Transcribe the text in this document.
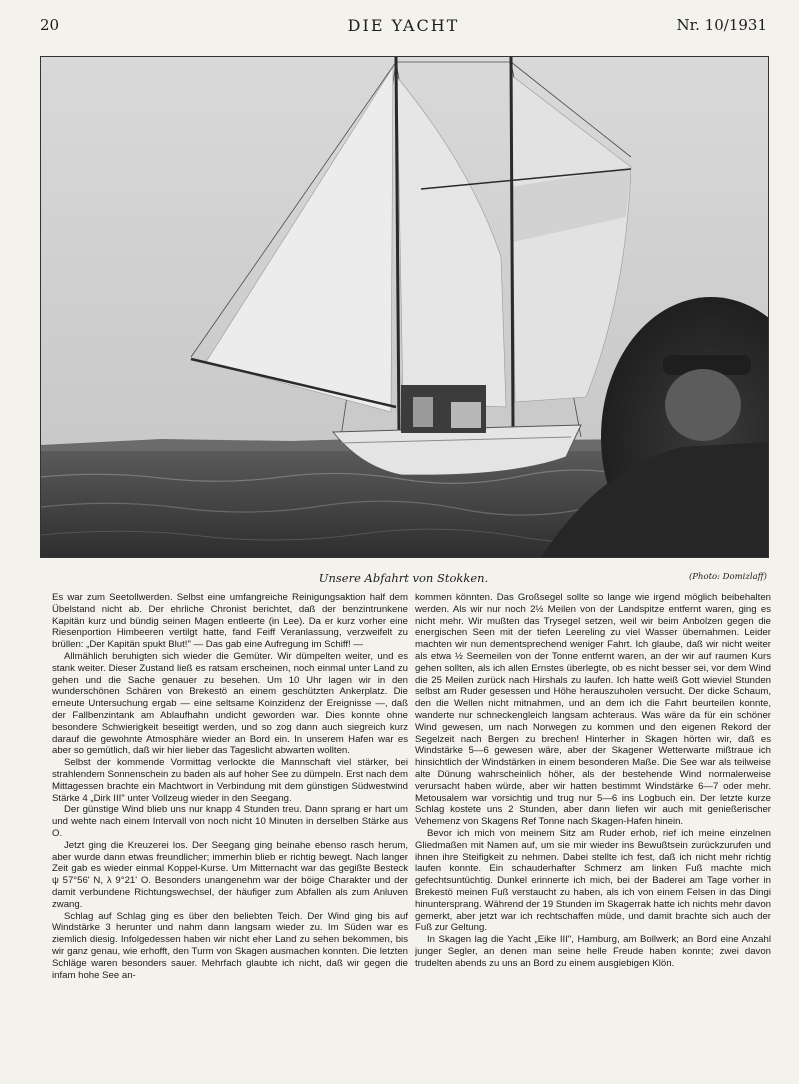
20	DIE YACHT	Nr. 10/1931
Unsere Abfahrt von Stokken.	(Photo: Domizlaff)

Es war zum Seetollwerden. Selbst eine umfangreiche Reinigungsaktion half dem Übelstand nicht ab. Der ehrliche Chronist berichtet, daß der benzintrunkene Kapitän kurz und bündig seinen Magen entleerte (in Lee). Da er kurz vorher eine Riesenportion Himbeeren vertilgt hatte, fand Feiff Veranlassung, verzweifelt zu brüllen: „Der Kapitän spukt Blut!" — Das gab eine Aufregung im Schiff! —

Allmählich beruhigten sich wieder die Gemüter. Wir dümpelten weiter, und es stank weiter. Dieser Zustand ließ es ratsam erscheinen, noch einmal unter Land zu gehen und die Sache genauer zu besehen. Um 10 Uhr lagen wir in den wunderschönen Schären von Brekestö an einem geschützten Ankerplatz. Die erneute Untersuchung ergab — eine seltsame Koinzidenz der Ereignisse —, daß der Fallbenzintank am Ablaufhahn undicht geworden war. Dies konnte ohne besondere Schwierigkeit beseitigt werden, und so zog dann auch siegreich kurz darauf die gewohnte Atmosphäre wieder an Bord ein. In unserem Hafen war es aber so gemütlich, daß wir hier lieber das Tageslicht abwarten wollten.

Selbst der kommende Vormittag verlockte die Mannschaft viel stärker, bei strahlendem Sonnenschein zu baden als auf hoher See zu dümpeln. Erst nach dem Mittagessen brachte ein Machtwort in Verbindung mit dem günstigen Südwestwind Stärke 4 „Dirk III" unter Vollzeug wieder in den Seegang.

Der günstige Wind blieb uns nur knapp 4 Stunden treu. Dann sprang er hart um und wehte nach einem Intervall von noch nicht 10 Minuten in derselben Stärke aus O.

Jetzt ging die Kreuzerei los. Der Seegang ging beinahe ebenso rasch herum, aber wurde dann etwas freundlicher; immerhin blieb er richtig bewegt. Nach langer Zeit gab es wieder einmal Koppel-Kurse. Um Mitternacht war das gegißte Besteck ψ 57°56' N, λ 9°21' O. Besonders unangenehm war der böige Charakter und der damit verbundene Richtungswechsel, der häufiger zum Abfallen als zum Anluven zwang.

Schlag auf Schlag ging es über den beliebten Teich. Der Wind ging bis auf Windstärke 3 herunter und nahm dann langsam wieder zu. Im Süden war es ziemlich diesig. Infolgedessen haben wir nicht eher Land zu sehen bekommen, bis wir ganz genau, wie erhofft, den Turm von Skagen ausmachen konnten. Die letzten Schläge waren besonders sauer. Mehrfach glaubte ich nicht, daß wir gegen die infam hohe See an-

kommen könnten. Das Großsegel sollte so lange wie irgend möglich beibehalten werden. Als wir nur noch 2½ Meilen von der Landspitze entfernt waren, ging es nicht mehr. Wir mußten das Trysegel setzen, weil wir beim Anbolzen gegen die energischen Seen mit der tiefen Leereling zu viel Wasser übernahmen. Leider machten wir nun dementsprechend weniger Fahrt. Ich glaube, daß wir nicht weiter als etwa ½ Seemeilen von der Tonne entfernt waren, an der wir auf raumen Kurs gehen sollten, als ich allen Ernstes überlegte, ob es nicht besser sei, vor dem Wind die 25 Meilen zurück nach Hirshals zu laufen. Ich hatte weiß Gott wieviel Stunden selbst am Ruder gesessen und Höhe herauszuholen versucht. Der dicke Schaum, den die Wellen nicht mitnahmen, und an dem ich die Fahrt beurteilen konnte, wanderte nur schneckengleich langsam achteraus. Was wäre da für ein schöner Wind gewesen, um nach Norwegen zu kommen und den eigenen Rekord der Segelzeit nach Bergen zu brechen! Hinterher in Skagen hörten wir, daß es Windstärke 5—6 gewesen wäre, aber der Skagener Wetterwarte mißtraue ich hinsichtlich der Windstärken in einem besonderen Maße. Die See war als teilweise alte Dünung wahrscheinlich höher, als der bestehende Wind normalerweise verursacht haben würde, aber wir hatten bestimmt Windstärke 6—7 oder mehr. Metousalem war vorsichtig und trug nur 5—6 ins Logbuch ein. Der letzte kurze Schlag kostete uns 2 Stunden, aber dann liefen wir auch mit genießerischer Vehemenz von Skagens Ref Tonne nach Skagen-Hafen hinein.

Bevor ich mich von meinem Sitz am Ruder erhob, rief ich meine einzelnen Gliedmaßen mit Namen auf, um sie mir wieder ins Bewußtsein zurückzurufen und ihnen ihre Steifigkeit zu nehmen. Dabei stellte ich fest, daß ich nicht mehr richtig laufen konnte. Ein schauderhafter Schmerz am linken Fuß machte mich gefechtsuntüchtig. Dunkel erinnerte ich mich, bei der Baderei am Tage vorher in Brekestö meinen Fuß verstaucht zu haben, als ich von einem Felsen in das Dingi hinuntersprang. Während der 19 Stunden im Skagerrak hatte ich nichts mehr davon gemerkt, aber jetzt war ich rechtschaffen müde, und damit brachte sich auch der Fuß zur Geltung.

In Skagen lag die Yacht „Eike III", Hamburg, am Bollwerk; an Bord eine Anzahl junger Segler, an denen man seine helle Freude haben konnte; zwei davon trudelten abends zu uns an Bord zu einem ausgiebigen Klön.
